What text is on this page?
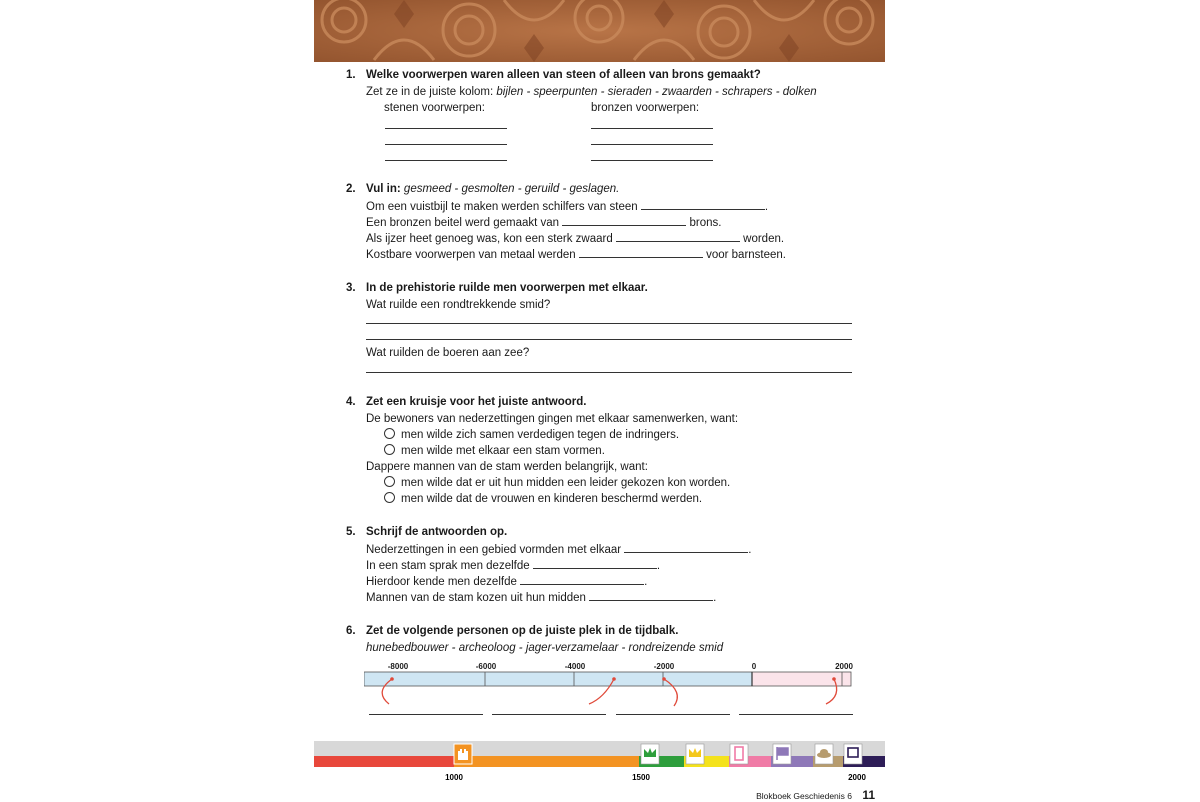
1. Welke voorwerpen waren alleen van steen of alleen van brons gemaakt?
Zet ze in de juiste kolom: bijlen - speerpunten - sieraden - zwaarden - schrapers - dolken
stenen voorwerpen:	bronzen voorwerpen:
2. Vul in: gesmeed - gesmolten - geruild - geslagen.
Om een vuistbijl te maken werden schilfers van steen	.
Een bronzen beitel werd gemaakt van	brons.
Als ijzer heet genoeg was, kon een sterk zwaard	worden.
Kostbare voorwerpen van metaal werden	voor barnsteen.
3. In de prehistorie ruilde men voorwerpen met elkaar.
Wat ruilde een rondtrekkende smid?
Wat ruilden de boeren aan zee?
4. Zet een kruisje voor het juiste antwoord.
De bewoners van nederzettingen gingen met elkaar samenwerken, want:
men wilde zich samen verdedigen tegen de indringers.
men wilde met elkaar een stam vormen.
Dappere mannen van de stam werden belangrijk, want:
men wilde dat er uit hun midden een leider gekozen kon worden.
men wilde dat de vrouwen en kinderen beschermd werden.
5. Schrijf de antwoorden op.
Nederzettingen in een gebied vormden met elkaar	.
In een stam sprak men dezelfde	.
Hierdoor kende men dezelfde	.
Mannen van de stam kozen uit hun midden	.
6. Zet de volgende personen op de juiste plek in de tijdbalk.
hunebedbouwer - archeoloog - jager-verzamelaar - rondreizende smid
-8000	-6000	-4000	-2000	0	2000
1000	1500	2000
Blokboek Geschiedenis 6 11
